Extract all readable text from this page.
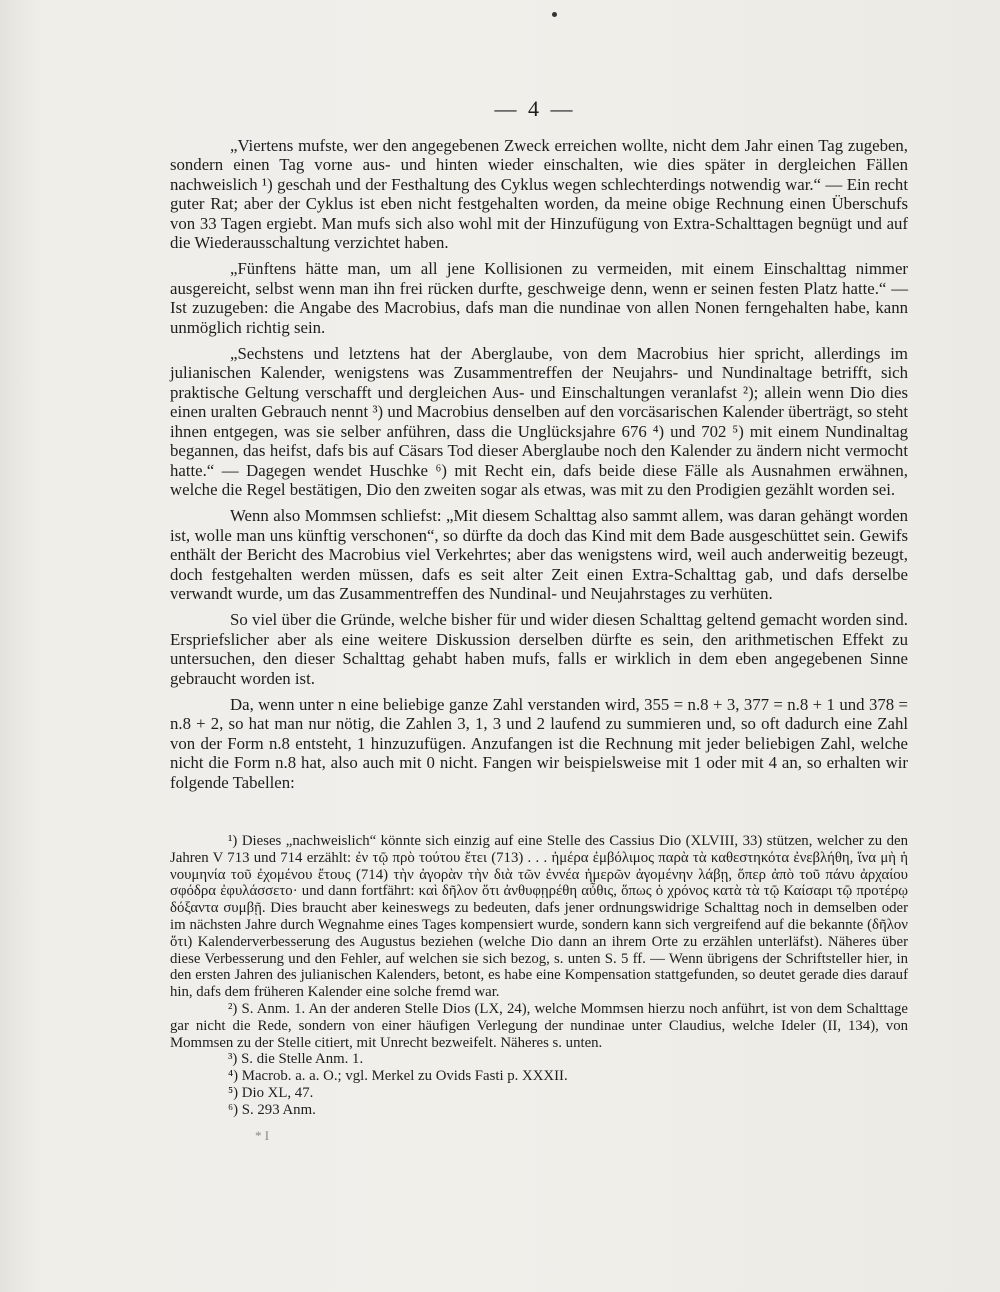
— 4 —

„Viertens mufste, wer den angegebenen Zweck erreichen wollte, nicht dem Jahr einen Tag zugeben, sondern einen Tag vorne aus- und hinten wieder einschalten, wie dies später in dergleichen Fällen nachweislich ¹) geschah und der Festhaltung des Cyklus wegen schlechterdings notwendig war.“ — Ein recht guter Rat; aber der Cyklus ist eben nicht festgehalten worden, da meine obige Rechnung einen Überschufs von 33 Tagen ergiebt. Man mufs sich also wohl mit der Hinzufügung von Extra-Schalttagen begnügt und auf die Wiederausschaltung verzichtet haben.

„Fünftens hätte man, um all jene Kollisionen zu vermeiden, mit einem Einschalttag nimmer ausgereicht, selbst wenn man ihn frei rücken durfte, geschweige denn, wenn er seinen festen Platz hatte.“ — Ist zuzugeben: die Angabe des Macrobius, dafs man die nundinae von allen Nonen ferngehalten habe, kann unmöglich richtig sein.

„Sechstens und letztens hat der Aberglaube, von dem Macrobius hier spricht, allerdings im julianischen Kalender, wenigstens was Zusammentreffen der Neujahrs- und Nundinaltage betrifft, sich praktische Geltung verschafft und dergleichen Aus- und Einschaltungen veranlafst ²); allein wenn Dio dies einen uralten Gebrauch nennt ³) und Macrobius denselben auf den vorcäsarischen Kalender überträgt, so steht ihnen entgegen, was sie selber anführen, dass die Unglücksjahre 676 ⁴) und 702 ⁵) mit einem Nundinaltag begannen, das heifst, dafs bis auf Cäsars Tod dieser Aberglaube noch den Kalender zu ändern nicht vermocht hatte.“ — Dagegen wendet Huschke ⁶) mit Recht ein, dafs beide diese Fälle als Ausnahmen erwähnen, welche die Regel bestätigen, Dio den zweiten sogar als etwas, was mit zu den Prodigien gezählt worden sei.

Wenn also Mommsen schliefst: „Mit diesem Schalttag also sammt allem, was daran gehängt worden ist, wolle man uns künftig verschonen“, so dürfte da doch das Kind mit dem Bade ausgeschüttet sein. Gewifs enthält der Bericht des Macrobius viel Verkehrtes; aber das wenigstens wird, weil auch anderweitig bezeugt, doch festgehalten werden müssen, dafs es seit alter Zeit einen Extra-Schalttag gab, und dafs derselbe verwandt wurde, um das Zusammentreffen des Nundinal- und Neujahrstages zu verhüten.

So viel über die Gründe, welche bisher für und wider diesen Schalttag geltend gemacht worden sind. Erspriefslicher aber als eine weitere Diskussion derselben dürfte es sein, den arithmetischen Effekt zu untersuchen, den dieser Schalttag gehabt haben mufs, falls er wirklich in dem eben angegebenen Sinne gebraucht worden ist.

Da, wenn unter n eine beliebige ganze Zahl verstanden wird, 355 = n.8 + 3, 377 = n.8 + 1 und 378 = n.8 + 2, so hat man nur nötig, die Zahlen 3, 1, 3 und 2 laufend zu summieren und, so oft dadurch eine Zahl von der Form n.8 entsteht, 1 hinzuzufügen. Anzufangen ist die Rechnung mit jeder beliebigen Zahl, welche nicht die Form n.8 hat, also auch mit 0 nicht. Fangen wir beispielsweise mit 1 oder mit 4 an, so erhalten wir folgende Tabellen:

¹) Dieses „nachweislich“ könnte sich einzig auf eine Stelle des Cassius Dio (XLVIII, 33) stützen, welcher zu den Jahren V 713 und 714 erzählt: ἐν τῷ πρὸ τούτου ἔτει (713) . . . ἡμέρα ἐμβόλιμος παρὰ τὰ καθεστηκότα ἐνεβλήθη, ἵνα μὴ ἡ νουμηνία τοῦ ἐχομένου ἔτους (714) τὴν ἀγορὰν τὴν διὰ τῶν ἐννέα ἡμερῶν ἀγομένην λάβῃ, ὅπερ ἀπὸ τοῦ πάνυ ἀρχαίου σφόδρα ἐφυλάσσετο· und dann fortfährt: καὶ δῆλον ὅτι ἀνθυφῃρέθη αὖθις, ὅπως ὁ χρόνος κατὰ τὰ τῷ Καίσαρι τῷ προτέρῳ δόξαντα συμβῇ. Dies braucht aber keineswegs zu bedeuten, dafs jener ordnungswidrige Schalttag noch in demselben oder im nächsten Jahre durch Wegnahme eines Tages kompensiert wurde, sondern kann sich vergreifend auf die bekannte (δῆλον ὅτι) Kalenderverbesserung des Augustus beziehen (welche Dio dann an ihrem Orte zu erzählen unterläfst). Näheres über diese Verbesserung und den Fehler, auf welchen sie sich bezog, s. unten S. 5 ff. — Wenn übrigens der Schriftsteller hier, in den ersten Jahren des julianischen Kalenders, betont, es habe eine Kompensation stattgefunden, so deutet gerade dies darauf hin, dafs dem früheren Kalender eine solche fremd war.

²) S. Anm. 1. An der anderen Stelle Dios (LX, 24), welche Mommsen hierzu noch anführt, ist von dem Schalttage gar nicht die Rede, sondern von einer häufigen Verlegung der nundinae unter Claudius, welche Ideler (II, 134), von Mommsen zu der Stelle citiert, mit Unrecht bezweifelt. Näheres s. unten.

³) S. die Stelle Anm. 1.

⁴) Macrob. a. a. O.; vgl. Merkel zu Ovids Fasti p. XXXII.

⁵) Dio XL, 47.

⁶) S. 293 Anm.

* I
